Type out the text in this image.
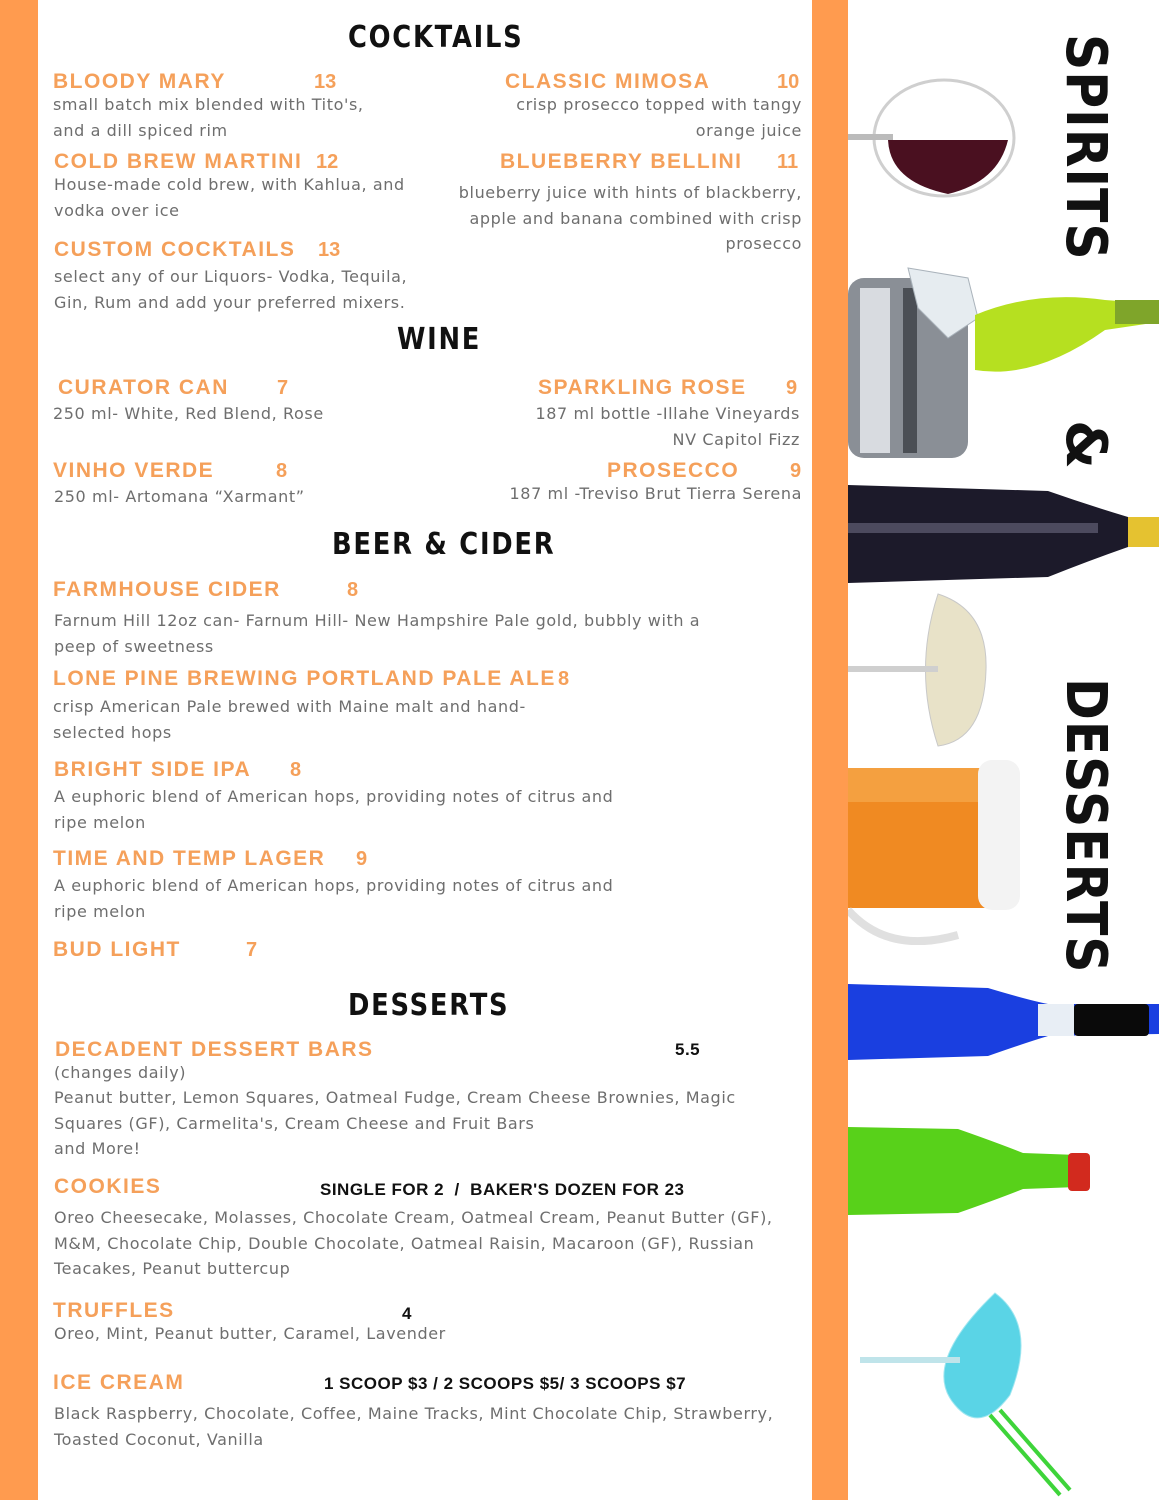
COCKTAILS
BLOODY MARY	13
small batch mix blended with Tito's,
and a dill spiced rim
CLASSIC MIMOSA	10
crisp prosecco topped with tangy
orange juice
COLD BREW MARTINI 12
House-made cold brew, with Kahlua, and
vodka over ice
BLUEBERRY BELLINI 11
blueberry juice with hints of blackberry,
apple and banana combined with crisp
prosecco
CUSTOM COCKTAILS 13
select any of our Liquors- Vodka, Tequila,
Gin, Rum and add your preferred mixers.
WINE
CURATOR CAN 7
250 ml- White, Red Blend, Rose
SPARKLING ROSE 9
187 ml bottle -Illahe Vineyards
NV Capitol Fizz
VINHO VERDE	8
250 ml- Artomana “Xarmant”
PROSECCO	9
187 ml -Treviso Brut Tierra Serena
BEER & CIDER
FARMHOUSE CIDER	8
Farnum Hill 12oz can- Farnum Hill- New Hampshire Pale gold, bubbly with a
peep of sweetness
LONE PINE BREWING PORTLAND PALE ALE 8
crisp American Pale brewed with Maine malt and hand-
selected hops
BRIGHT SIDE IPA 8
A euphoric blend of American hops, providing notes of citrus and
ripe melon
TIME AND TEMP LAGER 9
A euphoric blend of American hops, providing notes of citrus and
ripe melon
BUD LIGHT	7
DESSERTS
DECADENT DESSERT BARS	5.5
(changes daily)
Peanut butter, Lemon Squares, Oatmeal Fudge, Cream Cheese Brownies, Magic
Squares (GF), Carmelita's, Cream Cheese and Fruit Bars
and More!
COOKIES	SINGLE FOR 2  /  BAKER'S DOZEN FOR 23
Oreo Cheesecake, Molasses, Chocolate Cream, Oatmeal Cream, Peanut Butter (GF),
M&M, Chocolate Chip, Double Chocolate, Oatmeal Raisin, Macaroon (GF), Russian
Teacakes, Peanut buttercup
TRUFFLES	4
Oreo, Mint, Peanut butter, Caramel, Lavender
ICE CREAM	1 SCOOP $3 / 2 SCOOPS $5/ 3 SCOOPS $7
Black Raspberry, Chocolate, Coffee, Maine Tracks, Mint Chocolate Chip, Strawberry,
Toasted Coconut, Vanilla
SPIRITS
&
DESSERTS
